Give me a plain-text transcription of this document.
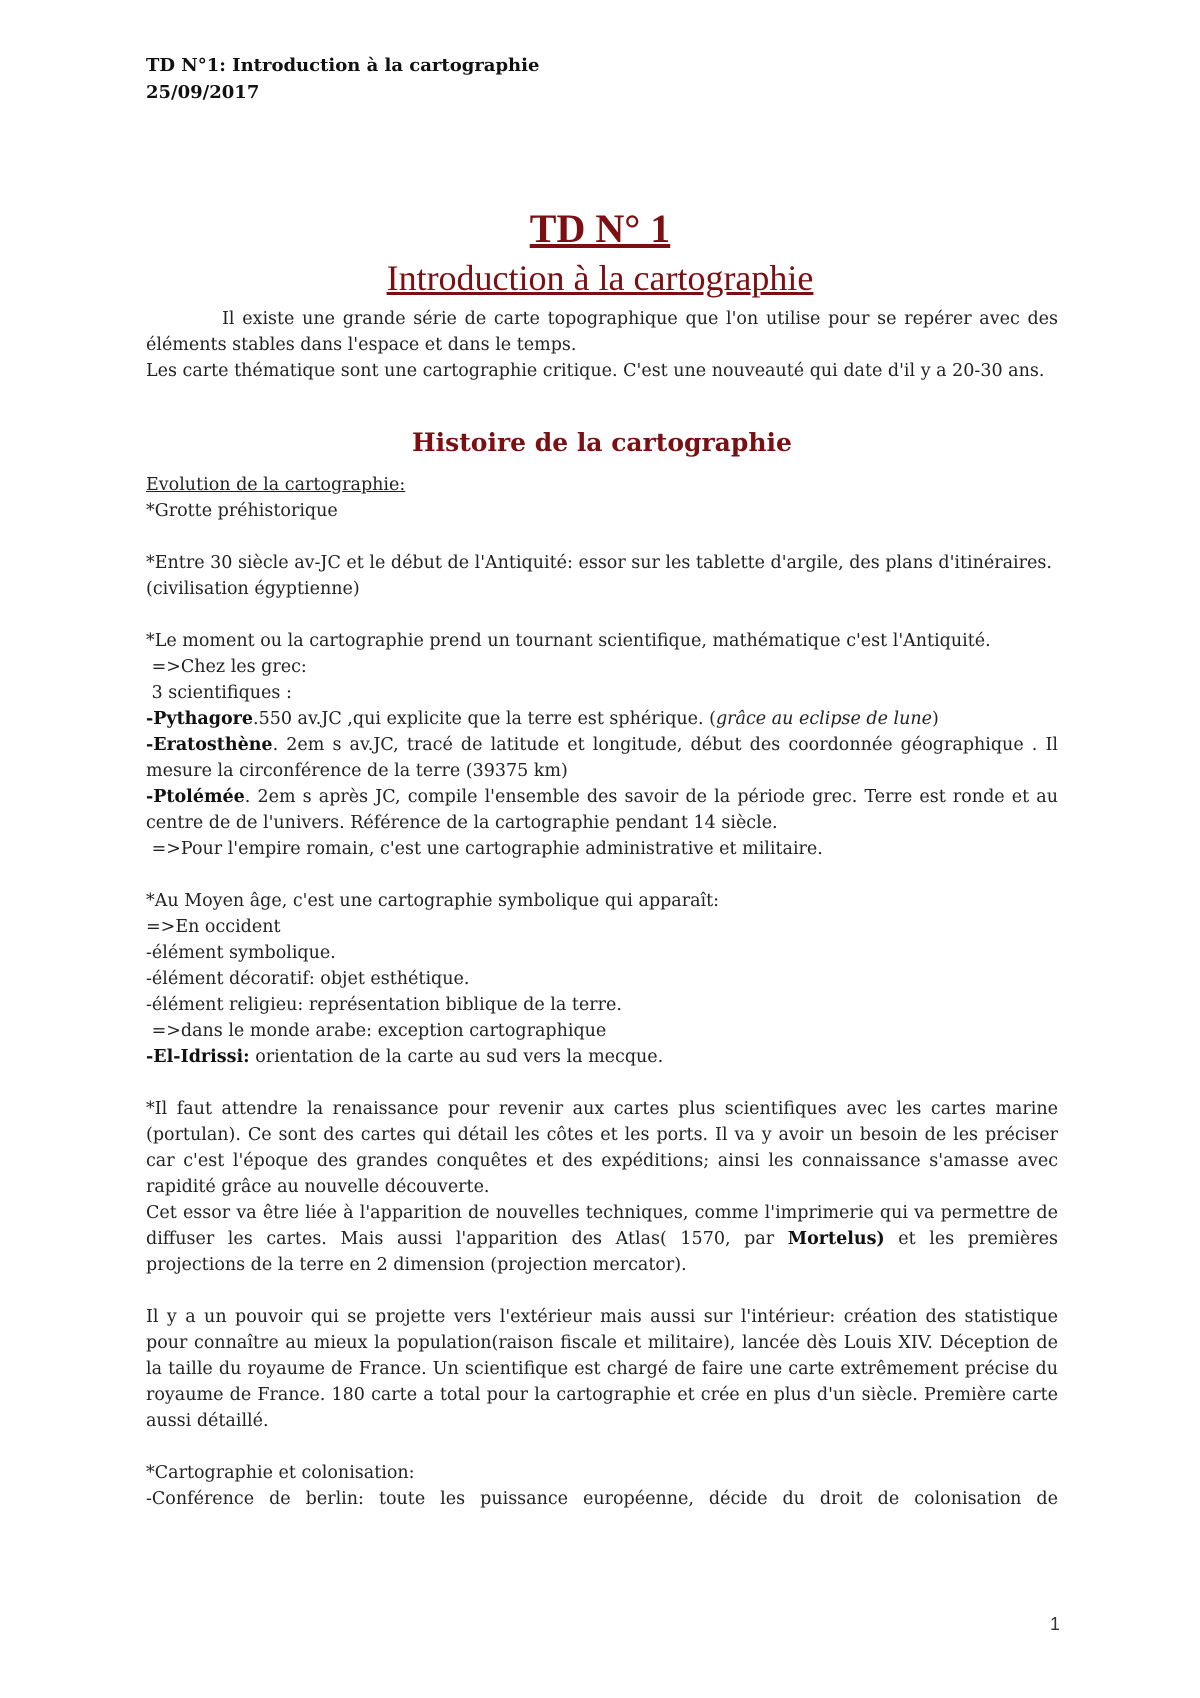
TD N°1: Introduction à la cartographie
25/09/2017
TD N° 1
Introduction à la cartographie

Il existe une grande série de carte topographique que l'on utilise pour se repérer avec des éléments stables dans l'espace et dans le temps.

Les carte thématique sont une cartographie critique. C'est une nouveauté qui date d'il y a 20-30 ans.

Histoire de la cartographie

Evolution de la cartographie:

*Grotte préhistorique

*Entre 30 siècle av-JC et le début de l'Antiquité: essor sur les tablette d'argile, des plans d'itinéraires. (civilisation égyptienne)

*Le moment ou la cartographie prend un tournant scientifique, mathématique c'est l'Antiquité.

=>Chez les grec:

3 scientifiques :

-Pythagore.550 av.JC ,qui explicite que la terre est sphérique. (grâce au eclipse de lune)

-Eratosthène. 2em s av.JC, tracé de latitude et longitude, début des coordonnée géographique . Il mesure la circonférence de la terre (39375 km)

-Ptolémée. 2em s après JC, compile l'ensemble des savoir de la période grec. Terre est ronde et au centre de de l'univers. Référence de la cartographie pendant 14 siècle.

=>Pour l'empire romain, c'est une cartographie administrative et militaire.

*Au Moyen âge, c'est une cartographie symbolique qui apparaît:

=>En occident

-élément symbolique.

-élément décoratif: objet esthétique.

-élément religieu: représentation biblique de la terre.

=>dans le monde arabe: exception cartographique

-El-Idrissi: orientation de la carte au sud vers la mecque.

*Il faut attendre la renaissance pour revenir aux cartes plus scientifiques avec les cartes marine (portulan). Ce sont des cartes qui détail les côtes et les ports. Il va y avoir un besoin de les préciser car c'est l'époque des grandes conquêtes et des expéditions; ainsi les connaissance s'amasse avec rapidité grâce au nouvelle découverte.

Cet essor va être liée à l'apparition de nouvelles techniques, comme l'imprimerie qui va permettre de diffuser les cartes. Mais aussi l'apparition des Atlas( 1570, par Mortelus) et les premières projections de la terre en 2 dimension (projection mercator).

Il y a un pouvoir qui se projette vers l'extérieur mais aussi sur l'intérieur: création des statistique pour connaître au mieux la population(raison fiscale et militaire), lancée dès Louis XIV. Déception de la taille du royaume de France. Un scientifique est chargé de faire une carte extrêmement précise du royaume de France. 180 carte a total pour la cartographie et crée en plus d'un siècle. Première carte aussi détaillé.

*Cartographie et colonisation:

-Conférence de berlin: toute les puissance européenne, décide du droit de colonisation de

1
